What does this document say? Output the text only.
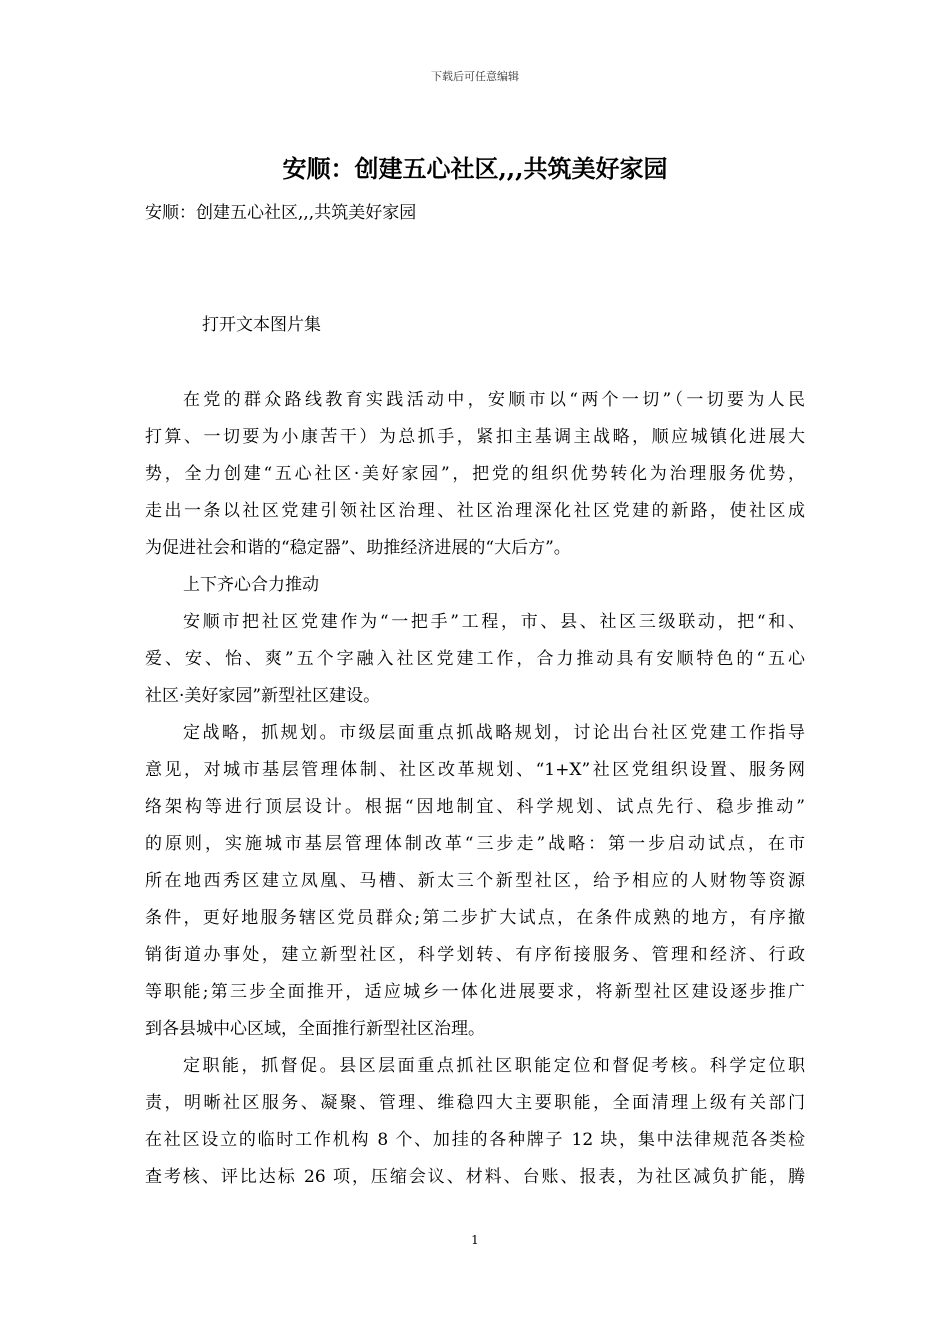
下载后可任意编辑
安顺：创建五心社区,,,共筑美好家园
安顺：创建五心社区,,,共筑美好家园
打开文本图片集
在党的群众路线教育实践活动中，安顺市以“两个一切”（一切要为人民
打算、一切要为小康苦干）为总抓手，紧扣主基调主战略，顺应城镇化进展大
势，全力创建“五心社区·美好家园”，把党的组织优势转化为治理服务优势，
走出一条以社区党建引领社区治理、社区治理深化社区党建的新路，使社区成
为促进社会和谐的“稳定器”、助推经济进展的“大后方”。
上下齐心合力推动
安顺市把社区党建作为“一把手”工程，市、县、社区三级联动，把“和、
爱、安、怡、爽”五个字融入社区党建工作，合力推动具有安顺特色的“五心
社区·美好家园”新型社区建设。
定战略，抓规划。市级层面重点抓战略规划，讨论出台社区党建工作指导
意见，对城市基层管理体制、社区改革规划、“1+X”社区党组织设置、服务网
络架构等进行顶层设计。根据“因地制宜、科学规划、试点先行、稳步推动”
的原则，实施城市基层管理体制改革“三步走”战略：第一步启动试点，在市
所在地西秀区建立凤凰、马槽、新太三个新型社区，给予相应的人财物等资源
条件，更好地服务辖区党员群众;第二步扩大试点，在条件成熟的地方，有序撤
销街道办事处，建立新型社区，科学划转、有序衔接服务、管理和经济、行政
等职能;第三步全面推开，适应城乡一体化进展要求，将新型社区建设逐步推广
到各县城中心区域，全面推行新型社区治理。
定职能，抓督促。县区层面重点抓社区职能定位和督促考核。科学定位职
责，明晰社区服务、凝聚、管理、维稳四大主要职能，全面清理上级有关部门
在社区设立的临时工作机构 8 个、加挂的各种牌子 12 块，集中法律规范各类检
查考核、评比达标 26 项，压缩会议、材料、台账、报表，为社区减负扩能，腾
1
